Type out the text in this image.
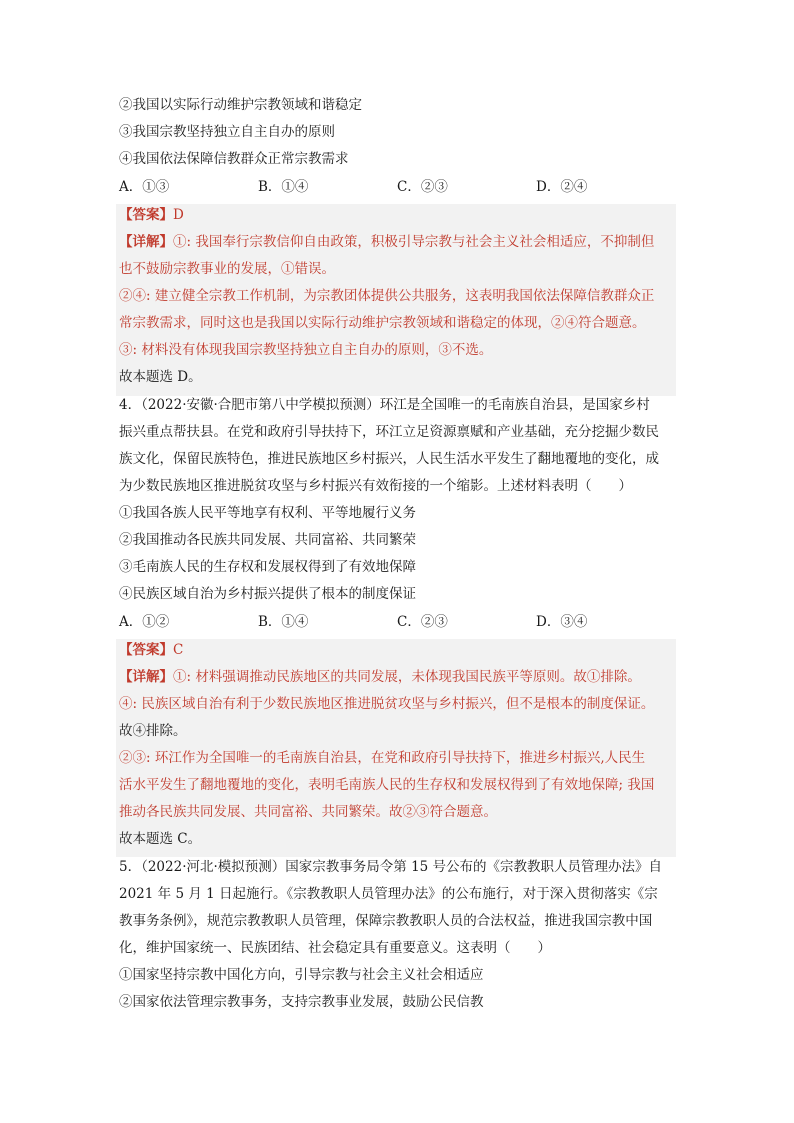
②我国以实际行动维护宗教领域和谐稳定
③我国宗教坚持独立自主自办的原则
④我国依法保障信教群众正常宗教需求
A．①③	B．①④	C．②③	D．②④
【答案】D
【详解】①: 我国奉行宗教信仰自由政策，积极引导宗教与社会主义社会相适应，不抑制但
也不鼓励宗教事业的发展，①错误。
②④: 建立健全宗教工作机制，为宗教团体提供公共服务，这表明我国依法保障信教群众正
常宗教需求，同时这也是我国以实际行动维护宗教领域和谐稳定的体现，②④符合题意。
③: 材料没有体现我国宗教坚持独立自主自办的原则，③不选。
故本题选 D。
4．（2022·安徽·合肥市第八中学模拟预测）环江是全国唯一的毛南族自治县，是国家乡村
振兴重点帮扶县。在党和政府引导扶持下，环江立足资源禀赋和产业基础，充分挖掘少数民
族文化，保留民族特色，推进民族地区乡村振兴，人民生活水平发生了翻地覆地的变化，成
为少数民族地区推进脱贫攻坚与乡村振兴有效衔接的一个缩影。上述材料表明（　　）
①我国各族人民平等地享有权利、平等地履行义务
②我国推动各民族共同发展、共同富裕、共同繁荣
③毛南族人民的生存权和发展权得到了有效地保障
④民族区域自治为乡村振兴提供了根本的制度保证
A．①②	B．①④	C．②③	D．③④
【答案】C
【详解】①: 材料强调推动民族地区的共同发展，未体现我国民族平等原则。故①排除。
④: 民族区域自治有利于少数民族地区推进脱贫攻坚与乡村振兴，但不是根本的制度保证。
故④排除。
②③: 环江作为全国唯一的毛南族自治县，在党和政府引导扶持下，推进乡村振兴,人民生
活水平发生了翻地覆地的变化，表明毛南族人民的生存权和发展权得到了有效地保障; 我国
推动各民族共同发展、共同富裕、共同繁荣。故②③符合题意。
故本题选 C。
5．（2022·河北·模拟预测）国家宗教事务局令第 15 号公布的《宗教教职人员管理办法》自
2021 年 5 月 1 日起施行。《宗教教职人员管理办法》的公布施行，对于深入贯彻落实《宗
教事务条例》，规范宗教教职人员管理，保障宗教教职人员的合法权益，推进我国宗教中国
化，维护国家统一、民族团结、社会稳定具有重要意义。这表明（　　）
①国家坚持宗教中国化方向，引导宗教与社会主义社会相适应
②国家依法管理宗教事务，支持宗教事业发展，鼓励公民信教
